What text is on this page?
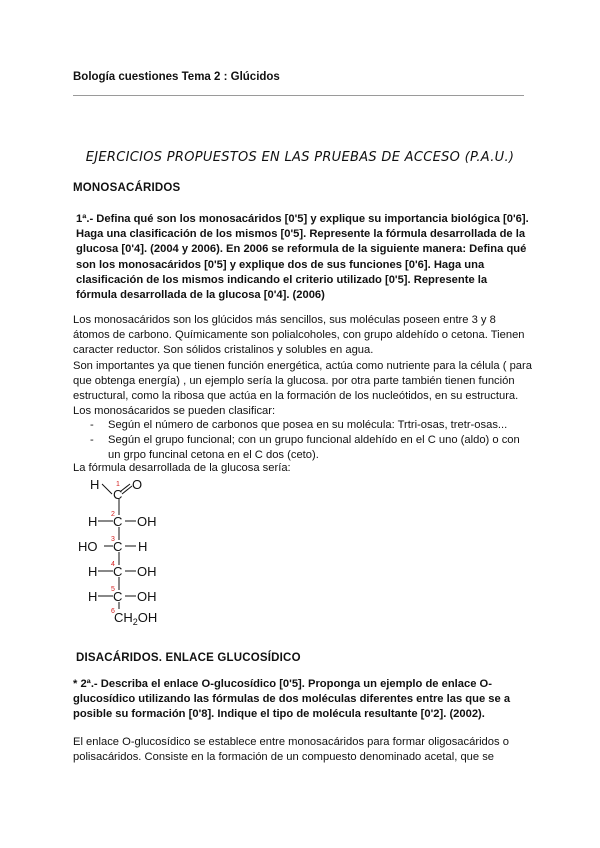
Bología cuestiones Tema 2 : Glúcidos
EJERCICIOS PROPUESTOS EN LAS PRUEBAS DE ACCESO (P.A.U.)
MONOSACÁRIDOS
1ª.- Defina qué son los monosacáridos [0'5] y explique su importancia biológica [0'6]. Haga una clasificación de los mismos [0'5]. Represente la fórmula desarrollada de la glucosa [0'4]. (2004 y 2006). En 2006 se reformula de la siguiente manera: Defina qué son los monosacáridos [0'5] y explique dos de sus funciones [0'6]. Haga una clasificación de los mismos indicando el criterio utilizado [0'5]. Represente la fórmula desarrollada de la glucosa [0'4]. (2006)

Los monosacáridos son los glúcidos más sencillos, sus moléculas poseen entre 3 y 8 átomos de carbono. Químicamente son polialcoholes, con grupo aldehído o cetona. Tienen caracter reductor. Son sólidos cristalinos y solubles en agua.

Son importantes ya que tienen función energética, actúa como nutriente para la célula ( para que obtenga energía) , un ejemplo sería la glucosa. por otra parte también tienen función estructural, como la ribosa que actúa en la formación de los nucleótidos, en su estructura.

Los monosácaridos se pueden clasificar:

- Según el número de carbonos que posea en su molécula: Trtri-osas, tretr-osas...
- Según el grupo funcional; con un grupo funcional aldehído en el C uno (aldo) o con un grpo funcinal cetona en el C dos (ceto).
La fórmula desarrollada de la glucosa sería:
H
C
O
H C OH
HO C H
H C OH
H C OH
$CH_2OH$
1
2
3
4
5
6
DISACÁRIDOS. ENLACE GLUCOSÍDICO
* 2ª.- Describa el enlace O-glucosídico [0'5]. Proponga un ejemplo de enlace O-glucosídico utilizando las fórmulas de dos moléculas diferentes entre las que se a posible su formación [0'8]. Indique el tipo de molécula resultante [0'2]. (2002).
El enlace O-glucosídico se establece entre monosacáridos para formar oligosacáridos o polisacáridos. Consiste en la formación de un compuesto denominado acetal, que se
